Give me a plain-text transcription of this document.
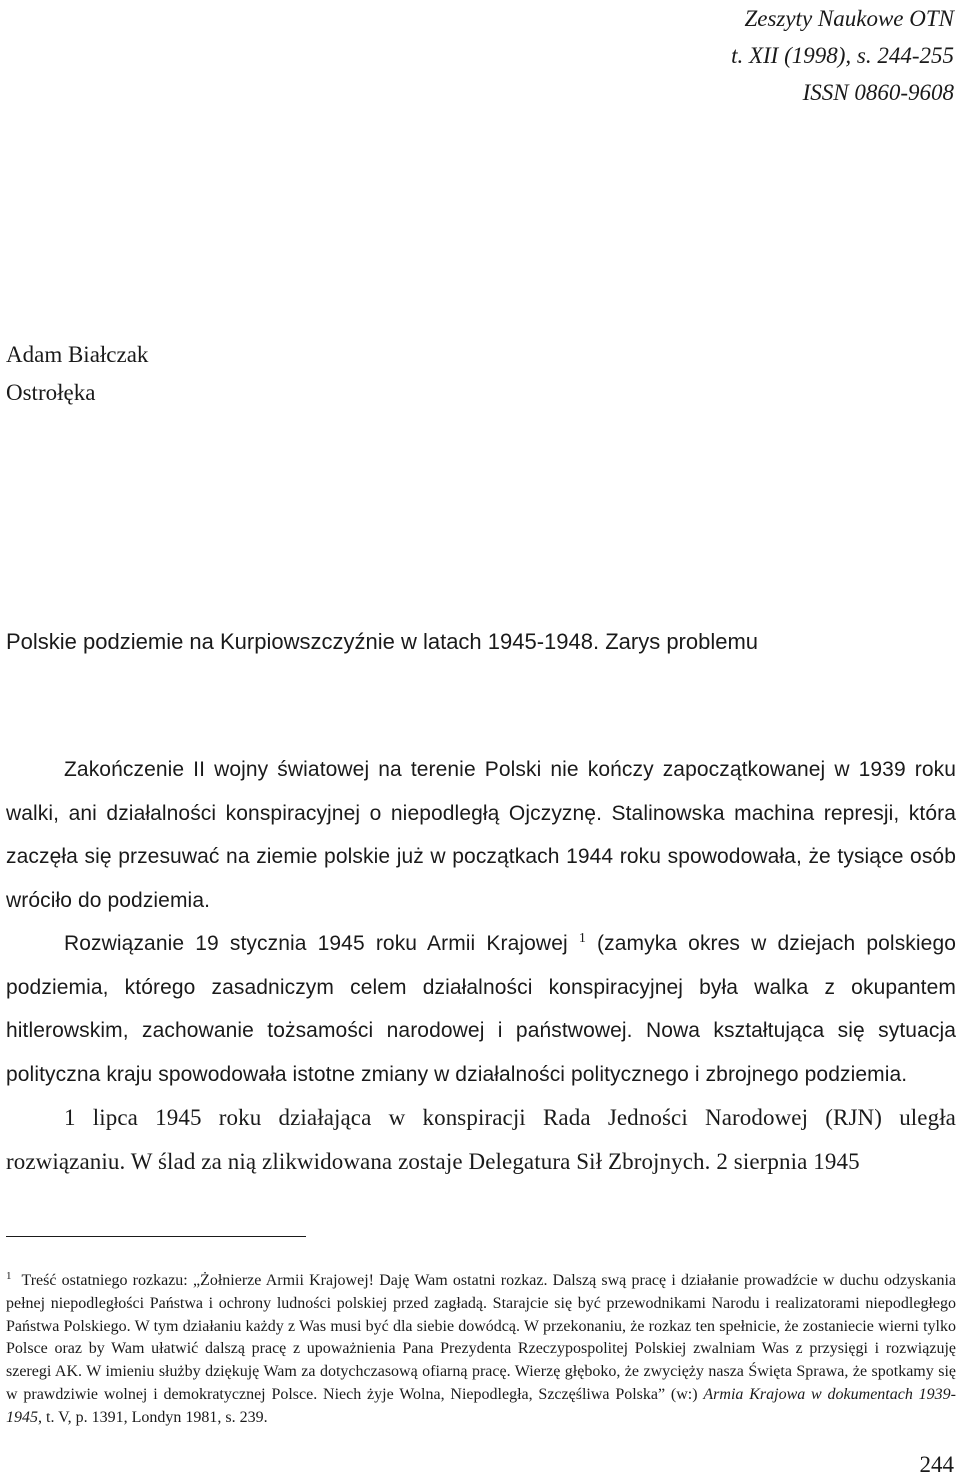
Zeszyty Naukowe OTN
t. XII (1998), s. 244-255
ISSN 0860-9608
Adam Białczak
Ostrołęka
Polskie podziemie na Kurpiowszczyźnie w latach 1945-1948. Zarys problemu

Zakończenie II wojny światowej na terenie Polski nie kończy zapoczątkowanej w 1939 roku walki, ani działalności konspiracyjnej o niepodległą Ojczyznę. Stalinowska machina represji, która zaczęła się przesuwać na ziemie polskie już w początkach 1944 roku spowodowała, że tysiące osób wróciło do podziemia.

Rozwiązanie 19 stycznia 1945 roku Armii Krajowej $^1$ (zamyka okres w dziejach polskiego podziemia, którego zasadniczym celem działalności konspiracyjnej była walka z okupantem hitlerowskim, zachowanie tożsamości narodowej i państwowej. Nowa kształtująca się sytuacja polityczna kraju spowodowała istotne zmiany w działalności politycznego i zbrojnego podziemia.

1 lipca 1945 roku działająca w konspiracji Rada Jedności Narodowej (RJN) uległa rozwiązaniu. W ślad za nią zlikwidowana zostaje Delegatura Sił Zbrojnych. 2 sierpnia 1945

$^1$ Treść ostatniego rozkazu: „Żołnierze Armii Krajowej! Daję Wam ostatni rozkaz. Dalszą swą pracę i działanie prowadźcie w duchu odzyskania pełnej niepodległości Państwa i ochrony ludności polskiej przed zagładą. Starajcie się być przewodnikami Narodu i realizatorami niepodległego Państwa Polskiego. W tym działaniu każdy z Was musi być dla siebie dowódcą. W przekonaniu, że rozkaz ten spełnicie, że zostaniecie wierni tylko Polsce oraz by Wam ułatwić dalszą pracę z upoważnienia Pana Prezydenta Rzeczypospolitej Polskiej zwalniam Was z przysięgi i rozwiązuję szeregi AK. W imieniu służby dziękuję Wam za dotychczasową ofiarną pracę. Wierzę głęboko, że zwycięży nasza Święta Sprawa, że spotkamy się w prawdziwie wolnej i demokratycznej Polsce. Niech żyje Wolna, Niepodległa, Szczęśliwa Polska” (w:) Armia Krajowa w dokumentach 1939-1945, t. V, p. 1391, Londyn 1981, s. 239.
244
